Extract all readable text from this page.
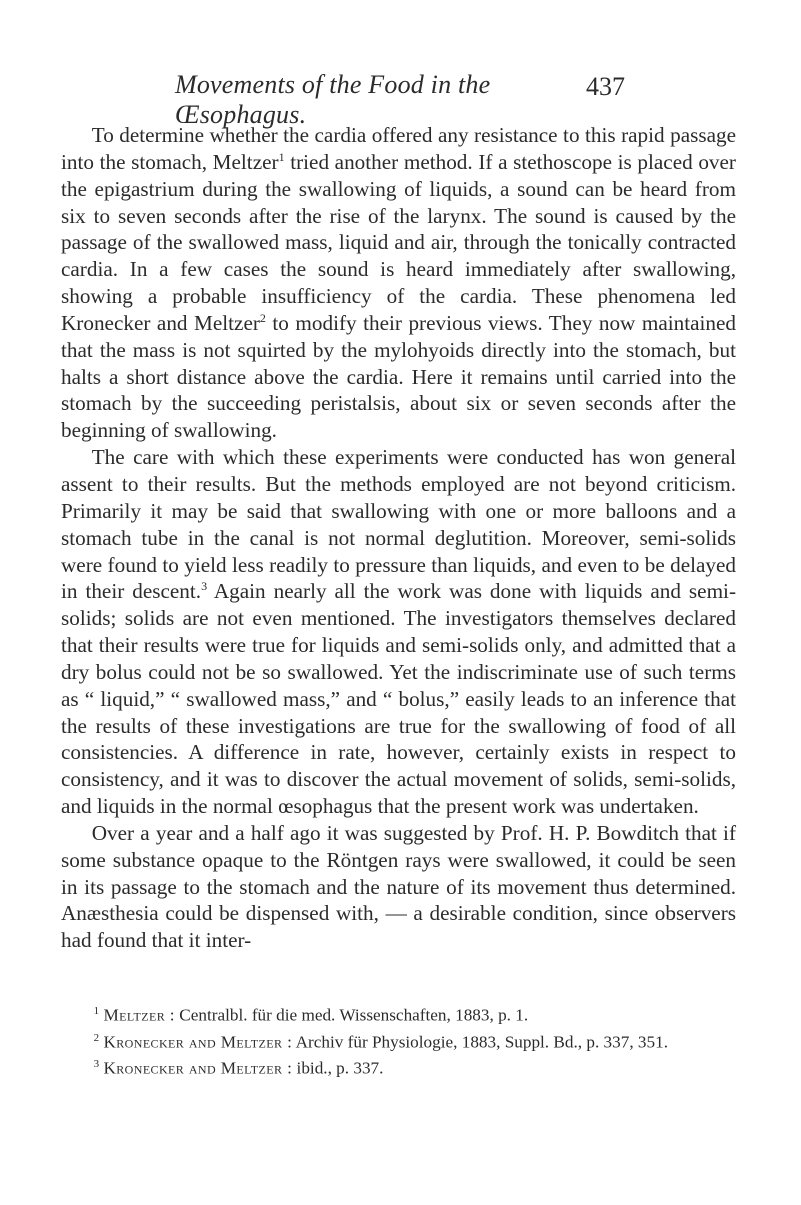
Movements of the Food in the Œsophagus.
437

To determine whether the cardia offered any resistance to this rapid passage into the stomach, Meltzer$^1$ tried another method. If a stethoscope is placed over the epigastrium during the swallowing of liquids, a sound can be heard from six to seven seconds after the rise of the larynx. The sound is caused by the passage of the swallowed mass, liquid and air, through the tonically contracted cardia. In a few cases the sound is heard immediately after swallowing, showing a probable insufficiency of the cardia. These phenomena led Kronecker and Meltzer$^2$ to modify their previous views. They now maintained that the mass is not squirted by the mylohyoids directly into the stomach, but halts a short distance above the cardia. Here it remains until carried into the stomach by the succeeding peristalsis, about six or seven seconds after the beginning of swallowing.

The care with which these experiments were conducted has won general assent to their results. But the methods employed are not beyond criticism. Primarily it may be said that swallowing with one or more balloons and a stomach tube in the canal is not normal deglutition. Moreover, semi-solids were found to yield less readily to pressure than liquids, and even to be delayed in their descent.$^3$ Again nearly all the work was done with liquids and semi-solids; solids are not even mentioned. The investigators themselves declared that their results were true for liquids and semi-solids only, and admitted that a dry bolus could not be so swallowed. Yet the indiscriminate use of such terms as “ liquid,” “ swallowed mass,” and “ bolus,” easily leads to an inference that the results of these investigations are true for the swallowing of food of all consistencies. A difference in rate, however, certainly exists in respect to consistency, and it was to discover the actual movement of solids, semi-solids, and liquids in the normal œsophagus that the present work was undertaken.

Over a year and a half ago it was suggested by Prof. H. P. Bowditch that if some substance opaque to the Röntgen rays were swallowed, it could be seen in its passage to the stomach and the nature of its movement thus determined. Anæsthesia could be dispensed with, — a desirable condition, since observers had found that it inter-

$^1$ Meltzer : Centralbl. für die med. Wissenschaften, 1883, p. 1.

$^2$ Kronecker and Meltzer : Archiv für Physiologie, 1883, Suppl. Bd., p. 337, 351.

$^3$ Kronecker and Meltzer : ibid., p. 337.
